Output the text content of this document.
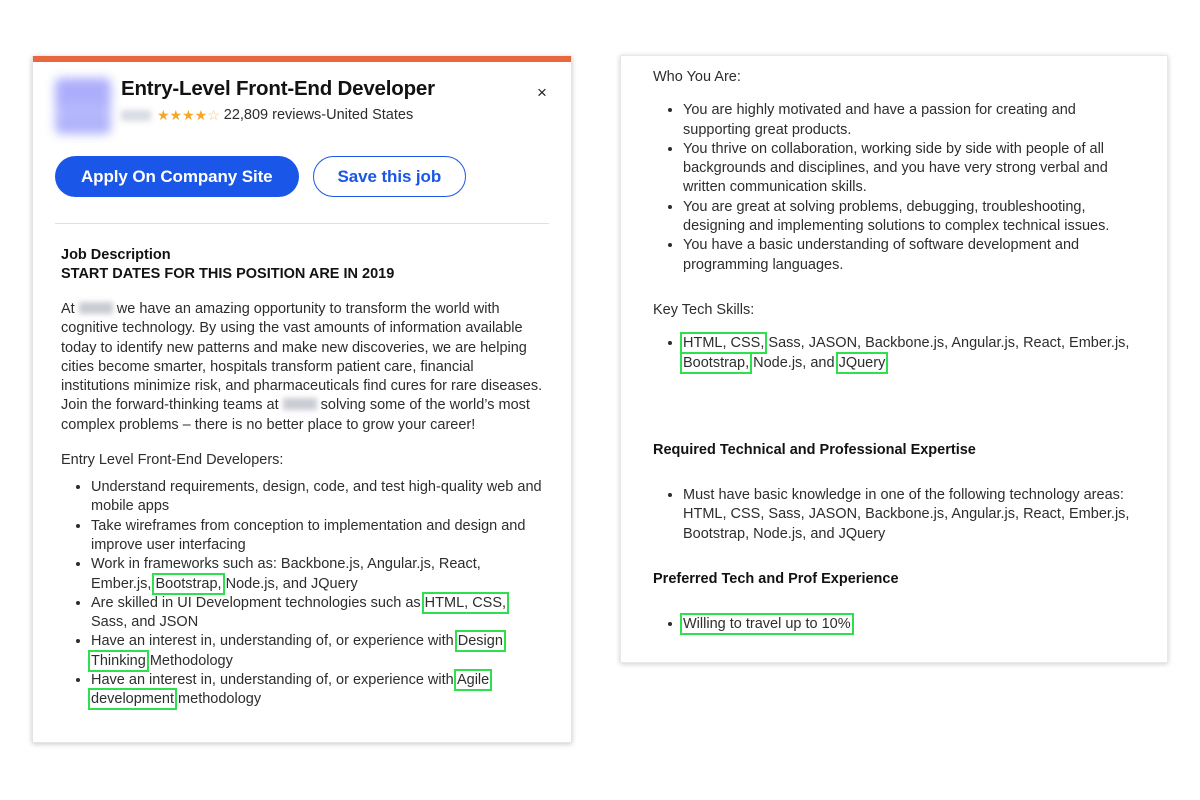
×
Entry-Level Front-End Developer
★★★★☆ 22,809 reviews - United States
Apply On Company Site	Save this job
Job Description
START DATES FOR THIS POSITION ARE IN 2019

At  we have an amazing opportunity to transform the world with cognitive technology. By using the vast amounts of information available today to identify new patterns and make new discoveries, we are helping cities become smarter, hospitals transform patient care, financial institutions minimize risk, and pharmaceuticals find cures for rare diseases. Join the forward-thinking teams at  solving some of the world’s most complex problems – there is no better place to grow your career!

Entry Level Front-End Developers:

• Understand requirements, design, code, and test high-quality web and mobile apps
• Take wireframes from conception to implementation and design and improve user interfacing
• Work in frameworks such as: Backbone.js, Angular.js, React, Ember.js, Bootstrap, Node.js, and JQuery
• Are skilled in UI Development technologies such as HTML, CSS, Sass, and JSON
• Have an interest in, understanding of, or experience with Design Thinking Methodology
• Have an interest in, understanding of, or experience with Agile development methodology
Who You Are:
• You are highly motivated and have a passion for creating and supporting great products.
• You thrive on collaboration, working side by side with people of all backgrounds and disciplines, and you have very strong verbal and written communication skills.
• You are great at solving problems, debugging, troubleshooting, designing and implementing solutions to complex technical issues.
• You have a basic understanding of software development and programming languages.
Key Tech Skills:
• HTML, CSS, Sass, JASON, Backbone.js, Angular.js, React, Ember.js, Bootstrap, Node.js, and JQuery
Required Technical and Professional Expertise
• Must have basic knowledge in one of the following technology areas: HTML, CSS, Sass, JASON, Backbone.js, Angular.js, React, Ember.js, Bootstrap, Node.js, and JQuery
Preferred Tech and Prof Experience
• Willing to travel up to 10%
